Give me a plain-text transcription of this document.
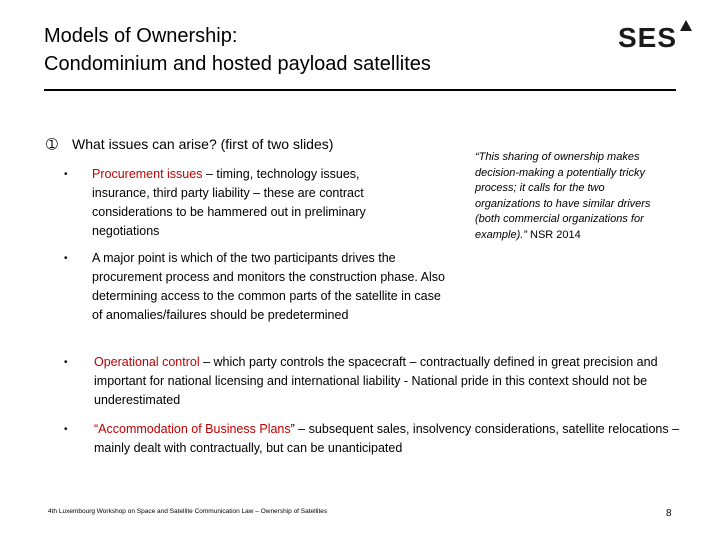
Models of Ownership:
Condominium and hosted payload satellites
SES
➀ What issues can arise? (first of two slides)
• Procurement issues – timing, technology issues, insurance, third party liability – these are contract considerations to be hammered out in preliminary negotiations
• A major point is which of the two participants drives the procurement process and monitors the construction phase. Also determining access to the common parts of the satellite in case of anomalies/failures should be predetermined
• Operational control – which party controls the spacecraft – contractually defined in great precision and important for national licensing and international liability - National pride in this context should not be underestimated
• “Accommodation of Business Plans” – subsequent sales, insolvency considerations, satellite relocations – mainly dealt with contractually, but can be unanticipated
“This sharing of ownership makes decision-making a potentially tricky process; it calls for the two organizations to have similar drivers (both commercial organizations for example).” NSR 2014
4th Luxembourg Workshop on Space and Satellite Communication Law – Ownership of Satellites	8
